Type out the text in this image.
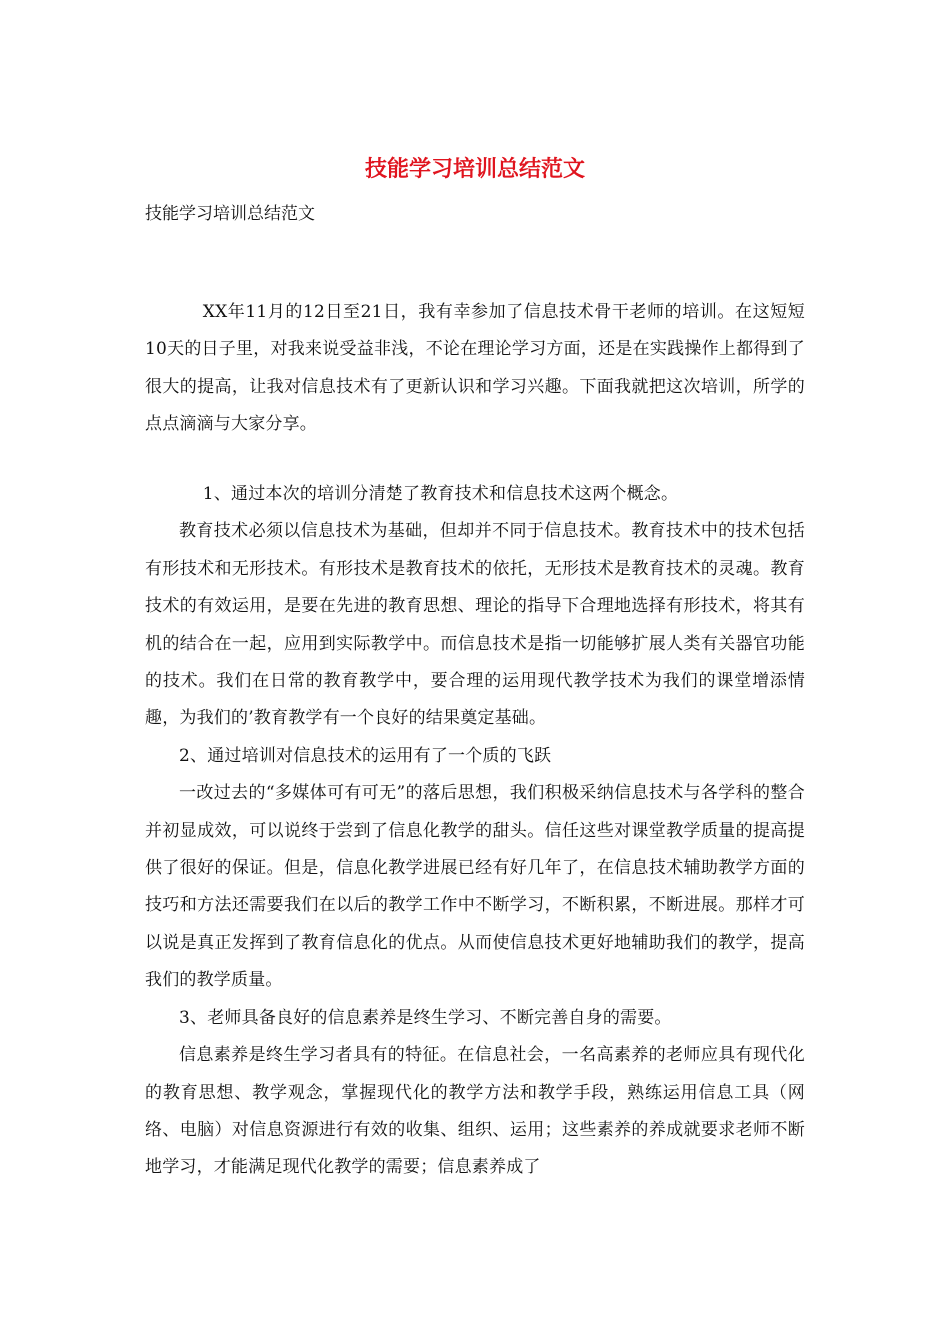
技能学习培训总结范文

技能学习培训总结范文

XX年11月的12日至21日，我有幸参加了信息技术骨干老师的培训。在这短短10天的日子里，对我来说受益非浅，不论在理论学习方面，还是在实践操作上都得到了很大的提高，让我对信息技术有了更新认识和学习兴趣。下面我就把这次培训，所学的点点滴滴与大家分享。

1、通过本次的培训分清楚了教育技术和信息技术这两个概念。

教育技术必须以信息技术为基础，但却并不同于信息技术。教育技术中的技术包括有形技术和无形技术。有形技术是教育技术的依托，无形技术是教育技术的灵魂。教育技术的有效运用，是要在先进的教育思想、理论的指导下合理地选择有形技术，将其有机的结合在一起，应用到实际教学中。而信息技术是指一切能够扩展人类有关器官功能的技术。我们在日常的教育教学中，要合理的运用现代教学技术为我们的课堂增添情趣，为我们的’教育教学有一个良好的结果奠定基础。

2、通过培训对信息技术的运用有了一个质的飞跃

一改过去的“多媒体可有可无”的落后思想，我们积极采纳信息技术与各学科的整合并初显成效，可以说终于尝到了信息化教学的甜头。信任这些对课堂教学质量的提高提供了很好的保证。但是，信息化教学进展已经有好几年了，在信息技术辅助教学方面的技巧和方法还需要我们在以后的教学工作中不断学习，不断积累，不断进展。那样才可以说是真正发挥到了教育信息化的优点。从而使信息技术更好地辅助我们的教学，提高我们的教学质量。

3、老师具备良好的信息素养是终生学习、不断完善自身的需要。

信息素养是终生学习者具有的特征。在信息社会，一名高素养的老师应具有现代化的教育思想、教学观念，掌握现代化的教学方法和教学手段，熟练运用信息工具（网络、电脑）对信息资源进行有效的收集、组织、运用；这些素养的养成就要求老师不断地学习，才能满足现代化教学的需要；信息素养成了
